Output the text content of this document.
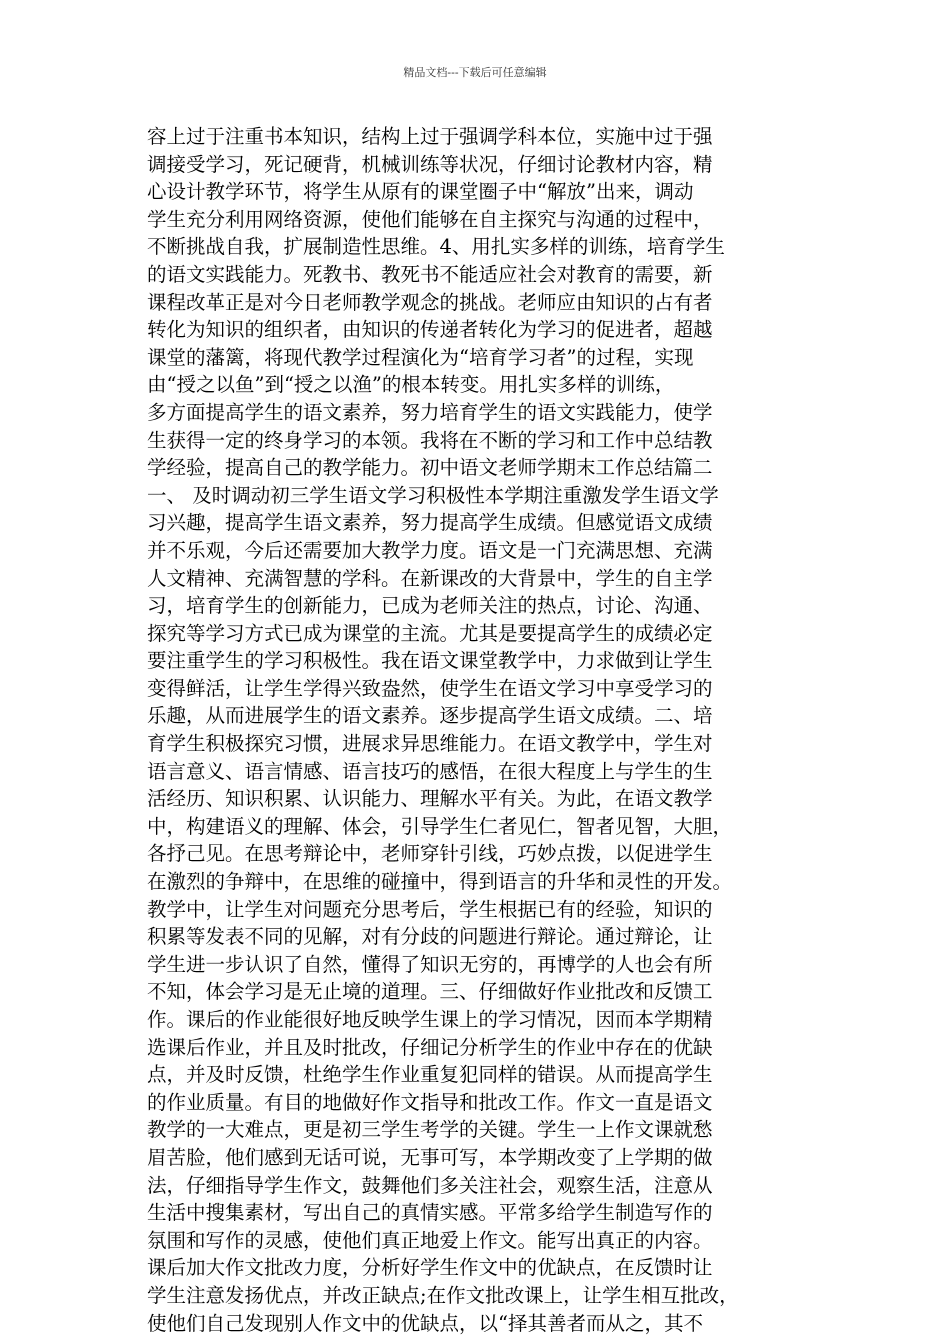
精品文档---下载后可任意编辑
容上过于注重书本知识，结构上过于强调学科本位，实施中过于强
调接受学习，死记硬背，机械训练等状况，仔细讨论教材内容，精
心设计教学环节，将学生从原有的课堂圈子中“解放”出来，调动
学生充分利用网络资源，使他们能够在自主探究与沟通的过程中，
不断挑战自我，扩展制造性思维。4、用扎实多样的训练，培育学生
的语文实践能力。死教书、教死书不能适应社会对教育的需要，新
课程改革正是对今日老师教学观念的挑战。老师应由知识的占有者
转化为知识的组织者，由知识的传递者转化为学习的促进者，超越
课堂的藩篱，将现代教学过程演化为“培育学习者”的过程，实现
由“授之以鱼”到“授之以渔”的根本转变。用扎实多样的训练，
多方面提高学生的语文素养，努力培育学生的语文实践能力，使学
生获得一定的终身学习的本领。我将在不断的学习和工作中总结教
学经验，提高自己的教学能力。初中语文老师学期末工作总结篇二
一、 及时调动初三学生语文学习积极性本学期注重激发学生语文学
习兴趣，提高学生语文素养，努力提高学生成绩。但感觉语文成绩
并不乐观，今后还需要加大教学力度。语文是一门充满思想、充满
人文精神、充满智慧的学科。在新课改的大背景中，学生的自主学
习，培育学生的创新能力，已成为老师关注的热点，讨论、沟通、
探究等学习方式已成为课堂的主流。尤其是要提高学生的成绩必定
要注重学生的学习积极性。我在语文课堂教学中，力求做到让学生
变得鲜活，让学生学得兴致盎然，使学生在语文学习中享受学习的
乐趣，从而进展学生的语文素养。逐步提高学生语文成绩。二、培
育学生积极探究习惯，进展求异思维能力。在语文教学中，学生对
语言意义、语言情感、语言技巧的感悟，在很大程度上与学生的生
活经历、知识积累、认识能力、理解水平有关。为此，在语文教学
中，构建语义的理解、体会，引导学生仁者见仁，智者见智，大胆，
各抒己见。在思考辩论中，老师穿针引线，巧妙点拨，以促进学生
在激烈的争辩中，在思维的碰撞中，得到语言的升华和灵性的开发。
教学中，让学生对问题充分思考后，学生根据已有的经验，知识的
积累等发表不同的见解，对有分歧的问题进行辩论。通过辩论，让
学生进一步认识了自然，懂得了知识无穷的，再博学的人也会有所
不知，体会学习是无止境的道理。三、仔细做好作业批改和反馈工
作。课后的作业能很好地反映学生课上的学习情况，因而本学期精
选课后作业，并且及时批改，仔细记分析学生的作业中存在的优缺
点，并及时反馈，杜绝学生作业重复犯同样的错误。从而提高学生
的作业质量。有目的地做好作文指导和批改工作。作文一直是语文
教学的一大难点，更是初三学生考学的关键。学生一上作文课就愁
眉苦脸，他们感到无话可说，无事可写，本学期改变了上学期的做
法，仔细指导学生作文，鼓舞他们多关注社会，观察生活，注意从
生活中搜集素材，写出自己的真情实感。平常多给学生制造写作的
氛围和写作的灵感，使他们真正地爱上作文。能写出真正的内容。
课后加大作文批改力度，分析好学生作文中的优缺点，在反馈时让
学生注意发扬优点，并改正缺点;在作文批改课上，让学生相互批改，
使他们自己发现别人作文中的优缺点，以“择其善者而从之，其不
